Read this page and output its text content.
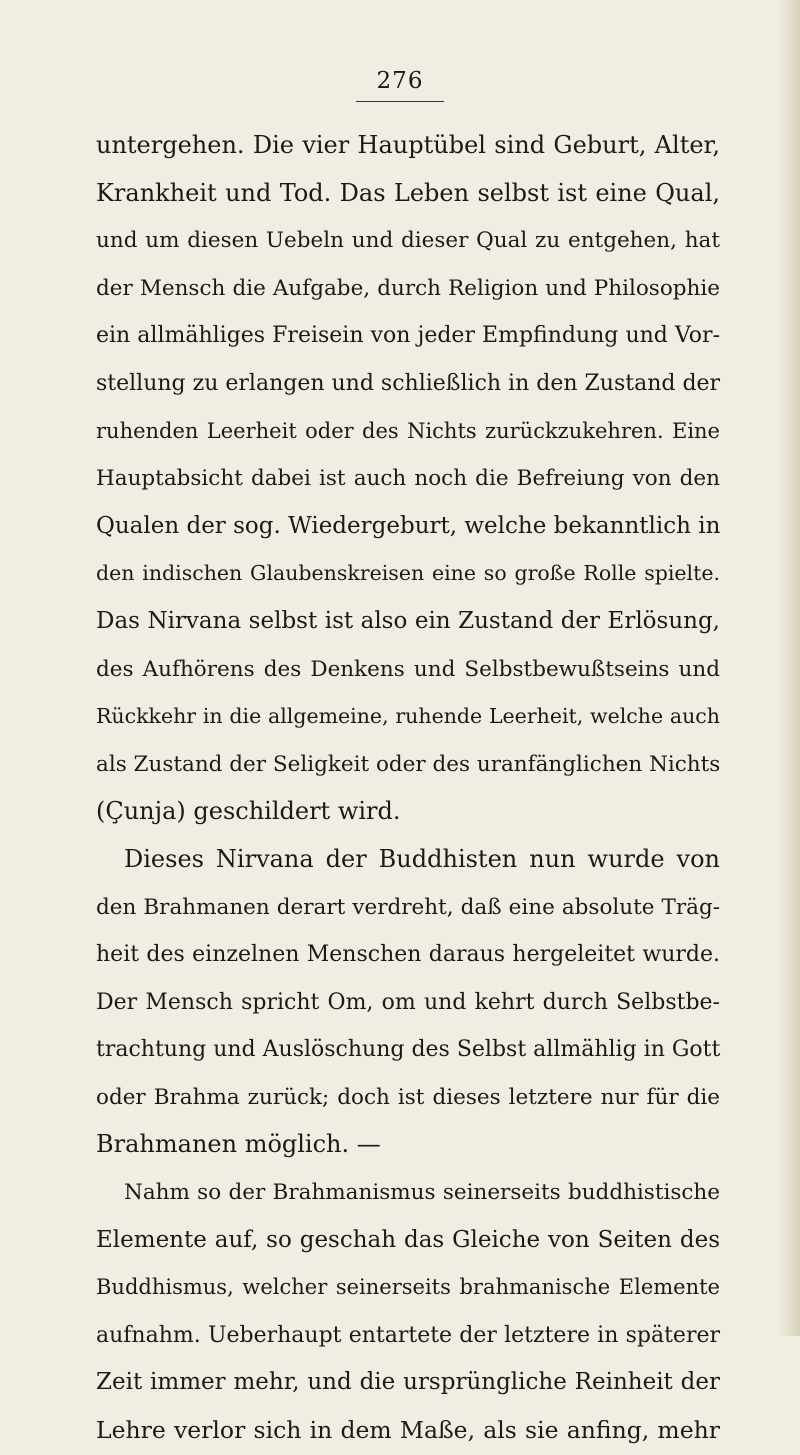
276
untergehen. Die vier Hauptübel sind Geburt, Alter,
Krankheit und Tod. Das Leben selbst ist eine Qual,
und um diesen Uebeln und dieser Qual zu entgehen, hat
der Mensch die Aufgabe, durch Religion und Philosophie
ein allmähliges Freisein von jeder Empfindung und Vor-
stellung zu erlangen und schließlich in den Zustand der
ruhenden Leerheit oder des Nichts zurückzukehren. Eine
Hauptabsicht dabei ist auch noch die Befreiung von den
Qualen der sog. Wiedergeburt, welche bekanntlich in
den indischen Glaubenskreisen eine so große Rolle spielte.
Das Nirvana selbst ist also ein Zustand der Erlösung,
des Aufhörens des Denkens und Selbstbewußtseins und
Rückkehr in die allgemeine, ruhende Leerheit, welche auch
als Zustand der Seligkeit oder des uranfänglichen Nichts
(Çunja) geschildert wird.
Dieses Nirvana der Buddhisten nun wurde von
den Brahmanen derart verdreht, daß eine absolute Träg-
heit des einzelnen Menschen daraus hergeleitet wurde.
Der Mensch spricht Om, om und kehrt durch Selbstbe-
trachtung und Auslöschung des Selbst allmählig in Gott
oder Brahma zurück; doch ist dieses letztere nur für die
Brahmanen möglich. —
Nahm so der Brahmanismus seinerseits buddhistische
Elemente auf, so geschah das Gleiche von Seiten des
Buddhismus, welcher seinerseits brahmanische Elemente
aufnahm. Ueberhaupt entartete der letztere in späterer
Zeit immer mehr, und die ursprüngliche Reinheit der
Lehre verlor sich in dem Maße, als sie anfing, mehr
